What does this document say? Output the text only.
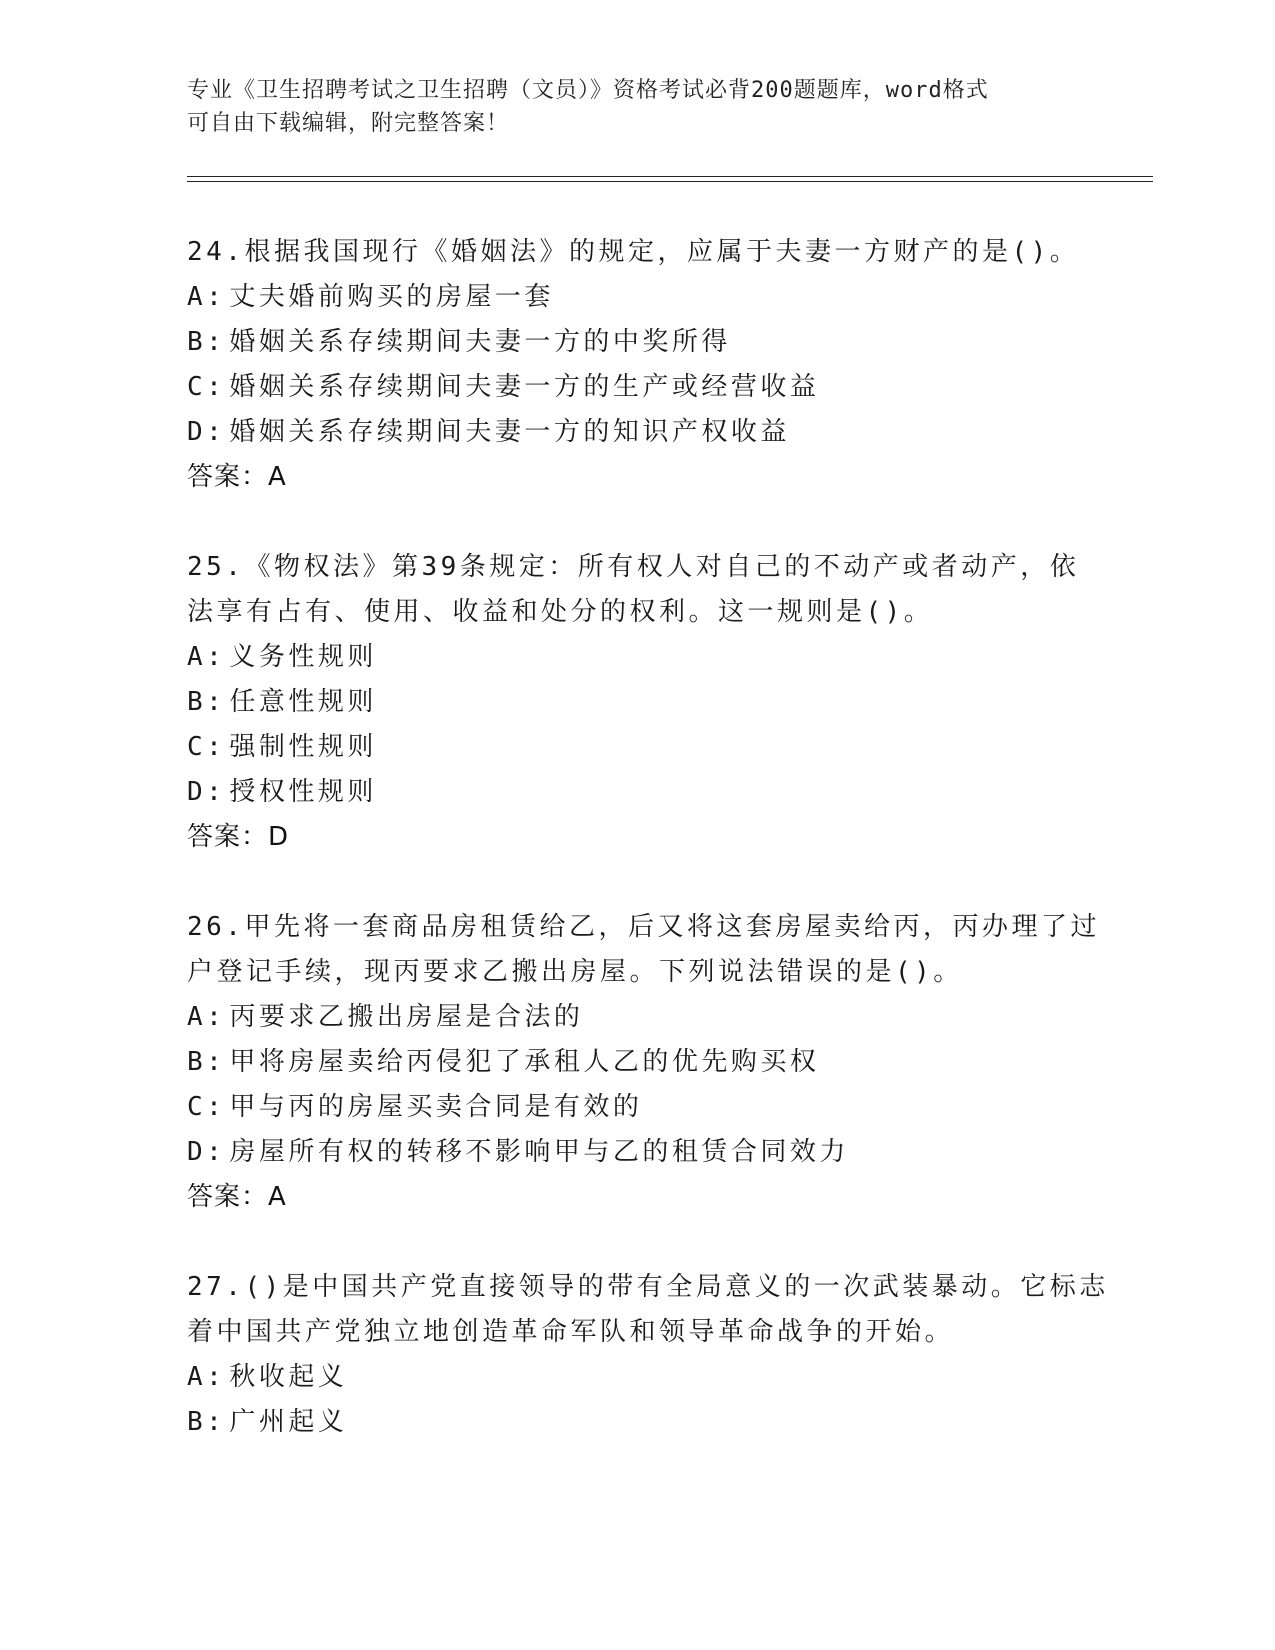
专业《卫生招聘考试之卫生招聘（文员）》资格考试必背200题题库，word格式
可自由下载编辑，附完整答案！
24.根据我国现行《婚姻法》的规定，应属于夫妻一方财产的是()。
A: 丈夫婚前购买的房屋一套
B: 婚姻关系存续期间夫妻一方的中奖所得
C: 婚姻关系存续期间夫妻一方的生产或经营收益
D: 婚姻关系存续期间夫妻一方的知识产权收益
答案：A
25.《物权法》第39条规定：所有权人对自己的不动产或者动产，依
法享有占有、使用、收益和处分的权利。这一规则是()。
A: 义务性规则
B: 任意性规则
C: 强制性规则
D: 授权性规则
答案：D
26.甲先将一套商品房租赁给乙，后又将这套房屋卖给丙，丙办理了过
户登记手续，现丙要求乙搬出房屋。下列说法错误的是()。
A: 丙要求乙搬出房屋是合法的
B: 甲将房屋卖给丙侵犯了承租人乙的优先购买权
C: 甲与丙的房屋买卖合同是有效的
D: 房屋所有权的转移不影响甲与乙的租赁合同效力
答案：A
27.()是中国共产党直接领导的带有全局意义的一次武装暴动。它标志
着中国共产党独立地创造革命军队和领导革命战争的开始。
A: 秋收起义
B: 广州起义
